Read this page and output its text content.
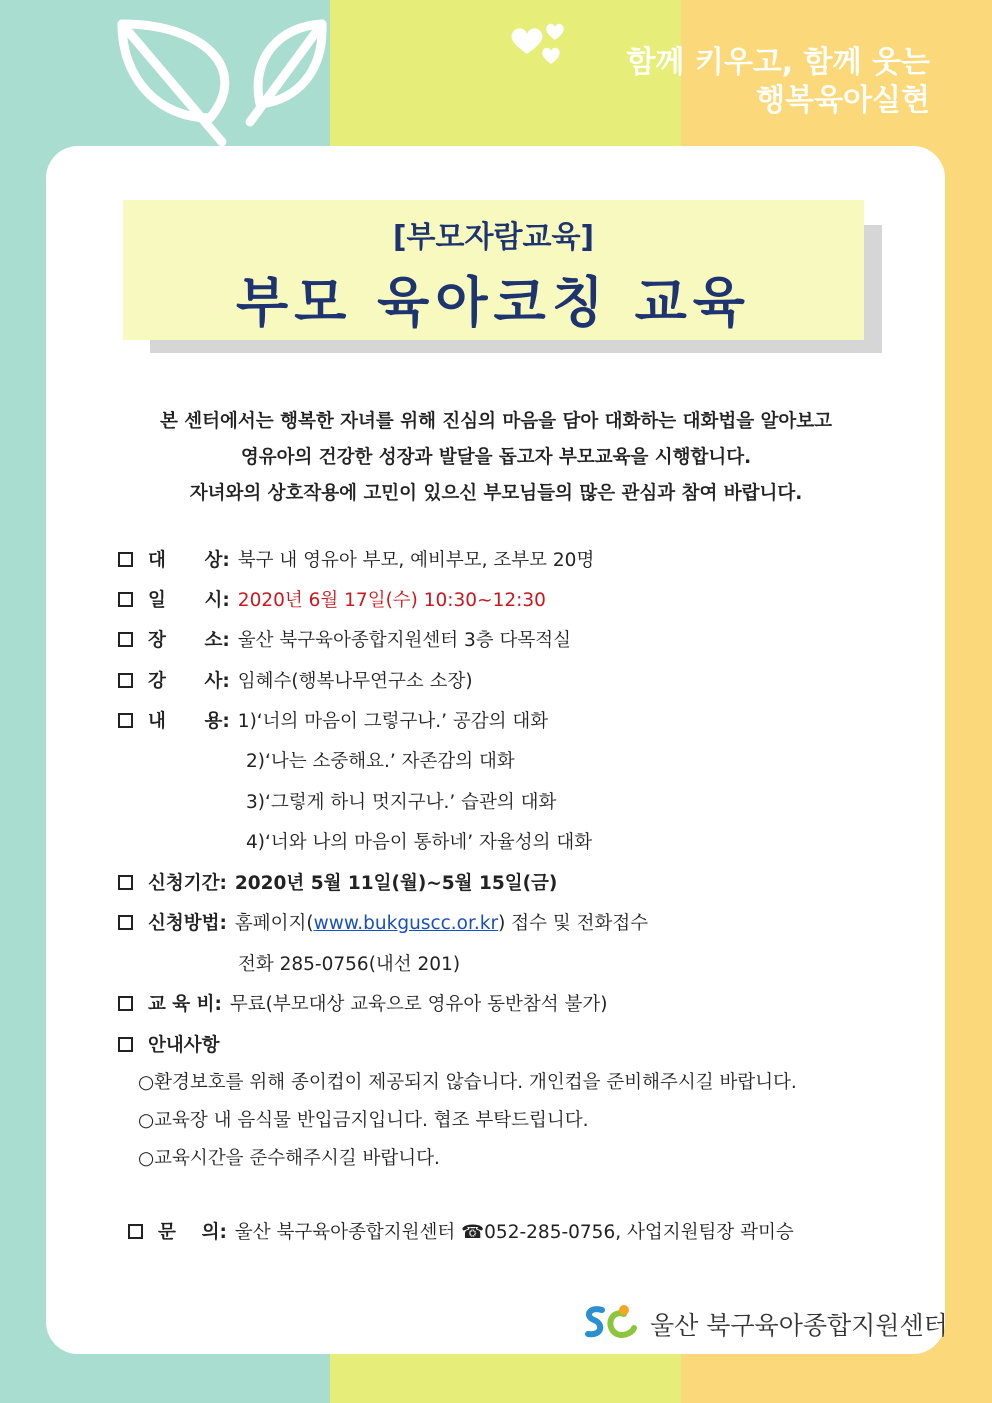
함께 키우고, 함께 웃는
행복육아실현
[부모자람교육]
부모 육아코칭 교육
본 센터에서는 행복한 자녀를 위해 진심의 마음을 담아 대화하는 대화법을 알아보고
영유아의 건강한 성장과 발달을 돕고자 부모교육을 시행합니다.
자녀와의 상호작용에 고민이 있으신 부모님들의 많은 관심과 참여 바랍니다.
대      상: 북구 내 영유아 부모, 예비부모, 조부모 20명
일      시: 2020년 6월 17일(수) 10:30~12:30
장      소: 울산 북구육아종합지원센터 3층 다목적실
강      사: 임혜수(행복나무연구소 소장)
내      용: 1)‘너의 마음이 그렇구나.’ 공감의 대화
2)‘나는 소중해요.’ 자존감의 대화
3)‘그렇게 하니 멋지구나.’ 습관의 대화
4)‘너와 나의 마음이 통하네’ 자율성의 대화
신청기간: 2020년 5월 11일(월)~5월 15일(금)
신청방법: 홈페이지(www.bukguscc.or.kr) 접수 및 전화접수
전화 285-0756(내선 201)
교 육 비: 무료(부모대상 교육으로 영유아 동반참석 불가)
안내사항
○환경보호를 위해 종이컵이 제공되지 않습니다. 개인컵을 준비해주시길 바랍니다.
○교육장 내 음식물 반입금지입니다. 협조 부탁드립니다.
○교육시간을 준수해주시길 바랍니다.
문    의: 울산 북구육아종합지원센터 ☎052-285-0756, 사업지원팀장 곽미승
울산 북구육아종합지원센터
